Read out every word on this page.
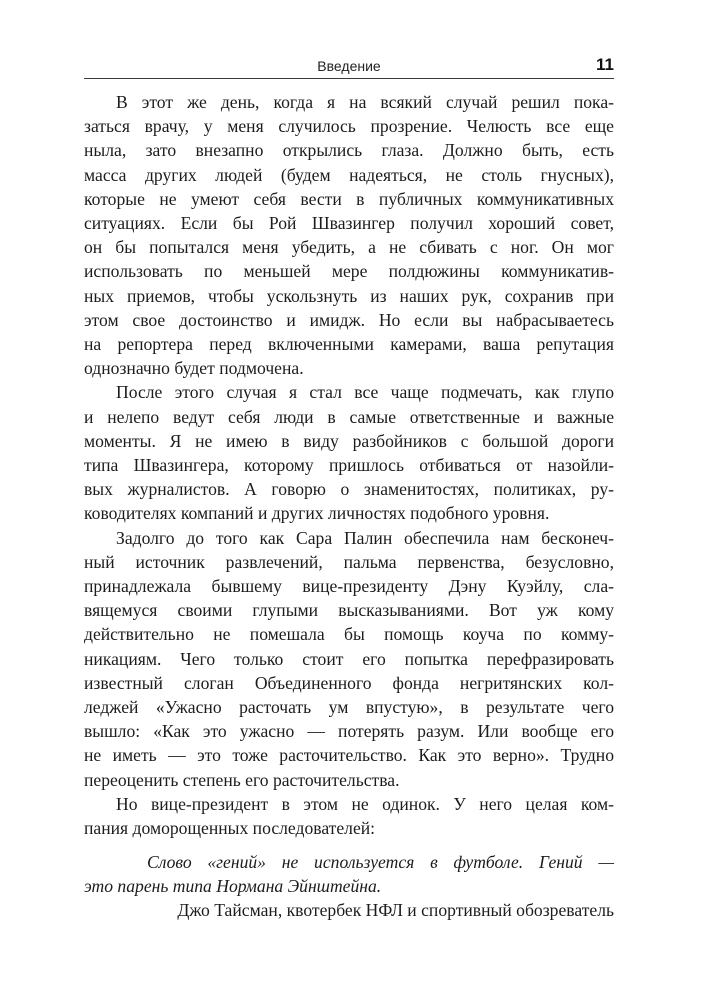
Введение	11

В этот же день, когда я на всякий случай решил пока-
заться врачу, у меня случилось прозрение. Челюсть все еще
ныла, зато внезапно открылись глаза. Должно быть, есть
масса других людей (будем надеяться, не столь гнусных),
которые не умеют себя вести в публичных коммуникативных
ситуациях. Если бы Рой Швазингер получил хороший совет,
он бы попытался меня убедить, а не сбивать с ног. Он мог
использовать по меньшей мере полдюжины коммуникатив-
ных приемов, чтобы ускользнуть из наших рук, сохранив при
этом свое достоинство и имидж. Но если вы набрасываетесь
на репортера перед включенными камерами, ваша репутация
однозначно будет подмочена.

После этого случая я стал все чаще подмечать, как глупо
и нелепо ведут себя люди в самые ответственные и важные
моменты. Я не имею в виду разбойников с большой дороги
типа Швазингера, которому пришлось отбиваться от назойли-
вых журналистов. А говорю о знаменитостях, политиках, ру-
ководителях компаний и других личностях подобного уровня.

Задолго до того как Сара Палин обеспечила нам бесконеч-
ный источник развлечений, пальма первенства, безусловно,
принадлежала бывшему вице-президенту Дэну Куэйлу, сла-
вящемуся своими глупыми высказываниями. Вот уж кому
действительно не помешала бы помощь коуча по комму-
никациям. Чего только стоит его попытка перефразировать
известный слоган Объединенного фонда негритянских кол-
леджей «Ужасно расточать ум впустую», в результате чего
вышло: «Как это ужасно — потерять разум. Или вообще его
не иметь — это тоже расточительство. Как это верно». Трудно
переоценить степень его расточительства.

Но вице-президент в этом не одинок. У него целая ком-
пания доморощенных последователей:

Слово «гений» не используется в футболе. Гений —
это парень типа Нормана Эйнштейна.

Джо Тайсман, квотербек НФЛ и спортивный обозреватель
